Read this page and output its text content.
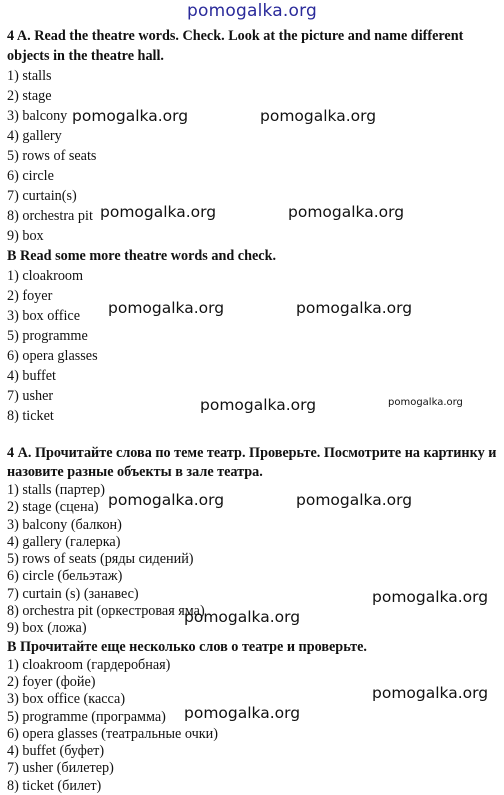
pomogalka.org
4 A. Read the theatre words. Check. Look at the picture and name different objects in the theatre hall.
1) stalls
2) stage
3) balcony
4) gallery
5) rows of seats
6) circle
7) curtain(s)
8) orchestra pit
9) box
B Read some more theatre words and check.
1) cloakroom
2) foyer
3) box office
5) programme
6) opera glasses
4) buffet
7) usher
8) ticket
4 А. Прочитайте слова по теме театр. Проверьте. Посмотрите на картинку и назовите разные объекты в зале театра.
1) stalls (партер)
2) stage (сцена)
3) balcony (балкон)
4) gallery (галерка)
5) rows of seats (ряды сидений)
6) circle (бельэтаж)
7) curtain (s) (занавес)
8) orchestra pit (оркестровая яма)
9) box (ложа)
В Прочитайте еще несколько слов о театре и проверьте.
1) cloakroom (гардеробная)
2) foyer (фойе)
3) box office (касса)
5) programme (программа)
6) opera glasses (театральные очки)
4) buffet (буфет)
7) usher (билетер)
8) ticket (билет)
pomogalka.org	pomogalka.org
pomogalka.org	pomogalka.org
pomogalka.org	pomogalka.org
pomogalka.org	pomogalka.org
pomogalka.org	pomogalka.org
pomogalka.org
pomogalka.org
pomogalka.org
pomogalka.org
